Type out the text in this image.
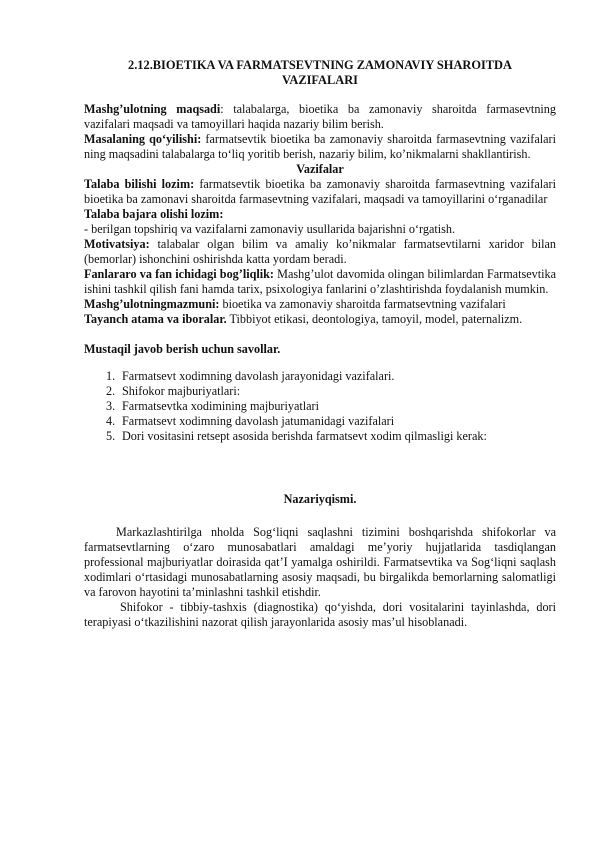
2.12.BIOETIKA VA FARMATSEVTNING ZAMONAVIY SHAROITDA
VAZIFALARI

Mashg’ulotning maqsadi: talabalarga, bioetika ba zamonaviy sharoitda farmasevtning vazifalari maqsadi va tamoyillari haqida nazariy bilim berish.

Masalaning qo‘yilishi: farmatsevtik bioetika ba zamonaviy sharoitda farmasevtning vazifalari ning maqsadini talabalarga to‘liq yoritib berish, nazariy bilim, ko’nikmalarni shakllantirish.

Vazifalar

Talaba bilishi lozim: farmatsevtik bioetika ba zamonaviy sharoitda farmasevtning vazifalari bioetika ba zamonavi sharoitda farmasevtning vazifalari, maqsadi va tamoyillarini o‘rganadilar

Talaba bajara olishi lozim:

- berilgan topshiriq va vazifalarni zamonaviy usullarida bajarishni o‘rgatish.

Motivatsiya: talabalar olgan bilim va amaliy ko’nikmalar farmatsevtilarni xaridor bilan (bemorlar) ishonchini oshirishda katta yordam beradi.

Fanlararo va fan ichidagi bog’liqlik: Mashg’ulot davomida olingan bilimlardan Farmatsevtika ishini tashkil qilish fani hamda tarix, psixologiya fanlarini o’zlashtirishda foydalanish mumkin.

Mashg’ulotningmazmuni: bioetika va zamonaviy sharoitda farmatsevtning vazifalari

Tayanch atama va iboralar. Tibbiyot etikasi, deontologiya, tamoyil, model, paternalizm.

Mustaqil javob berish uchun savollar.

1. Farmatsevt xodimning davolash jarayonidagi vazifalari.
2. Shifokor majburiyatlari:
3. Farmatsevtka xodimining majburiyatlari
4. Farmatsevt xodimning davolash jatumanidagi vazifalari
5. Dori vositasini retsept asosida berishda farmatsevt xodim qilmasligi kerak:

Nazariyqismi.

Markazlashtirilga nholda Sog‘liqni saqlashni tizimini boshqarishda shifokorlar va farmatsevtlarning o‘zaro munosabatlari amaldagi me’yoriy hujjatlarida tasdiqlangan professional majburiyatlar doirasida qat’I yamalga oshirildi. Farmatsevtika va Sog‘liqni saqlash xodimlari o‘rtasidagi munosabatlarning asosiy maqsadi, bu birgalikda bemorlarning salomatligi va farovon hayotini ta’minlashni tashkil etishdir.

Shifokor - tibbiy-tashxis (diagnostika) qo‘yishda, dori vositalarini tayinlashda, dori terapiyasi o‘tkazilishini nazorat qilish jarayonlarida asosiy mas’ul hisoblanadi.
